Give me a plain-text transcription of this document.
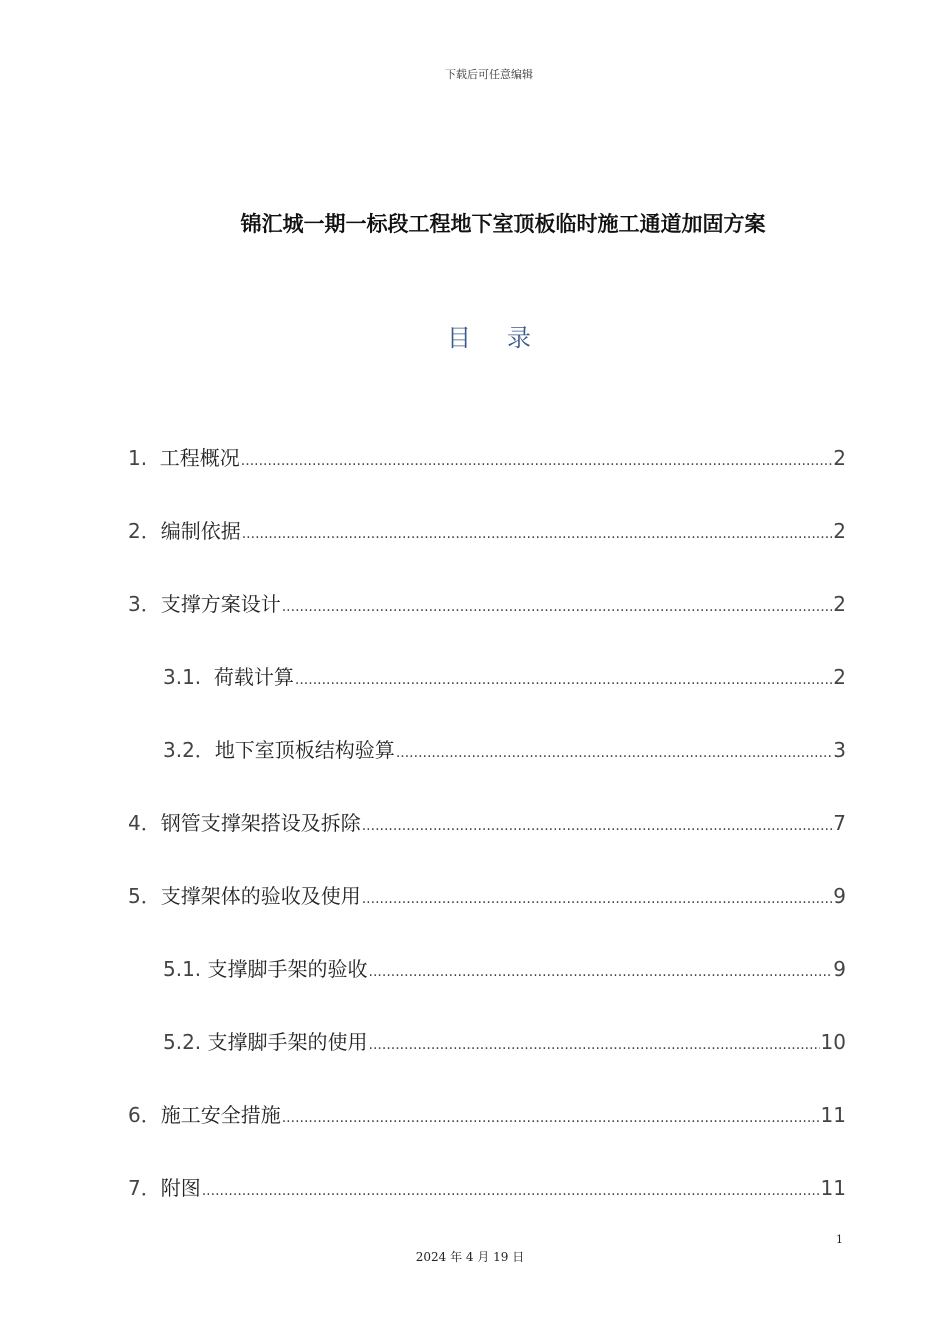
下载后可任意编辑
锦汇城一期一标段工程地下室顶板临时施工通道加固方案
目 录
1. 工程概况 .....	2
2． 编制依据 .....	2
3． 支撑方案设计 .....	2
3.1. 荷载计算 .....	2
3.2． 地下室顶板结构验算 .....	3
4． 钢管支撑架搭设及拆除 .....	7
5． 支撑架体的验收及使用 .....	9
5.1. 支撑脚手架的验收 .....	9
5.2. 支撑脚手架的使用 .....	10
6． 施工安全措施 .....	11
7． 附图 .....	11
1
2024 年 4 月 19 日
